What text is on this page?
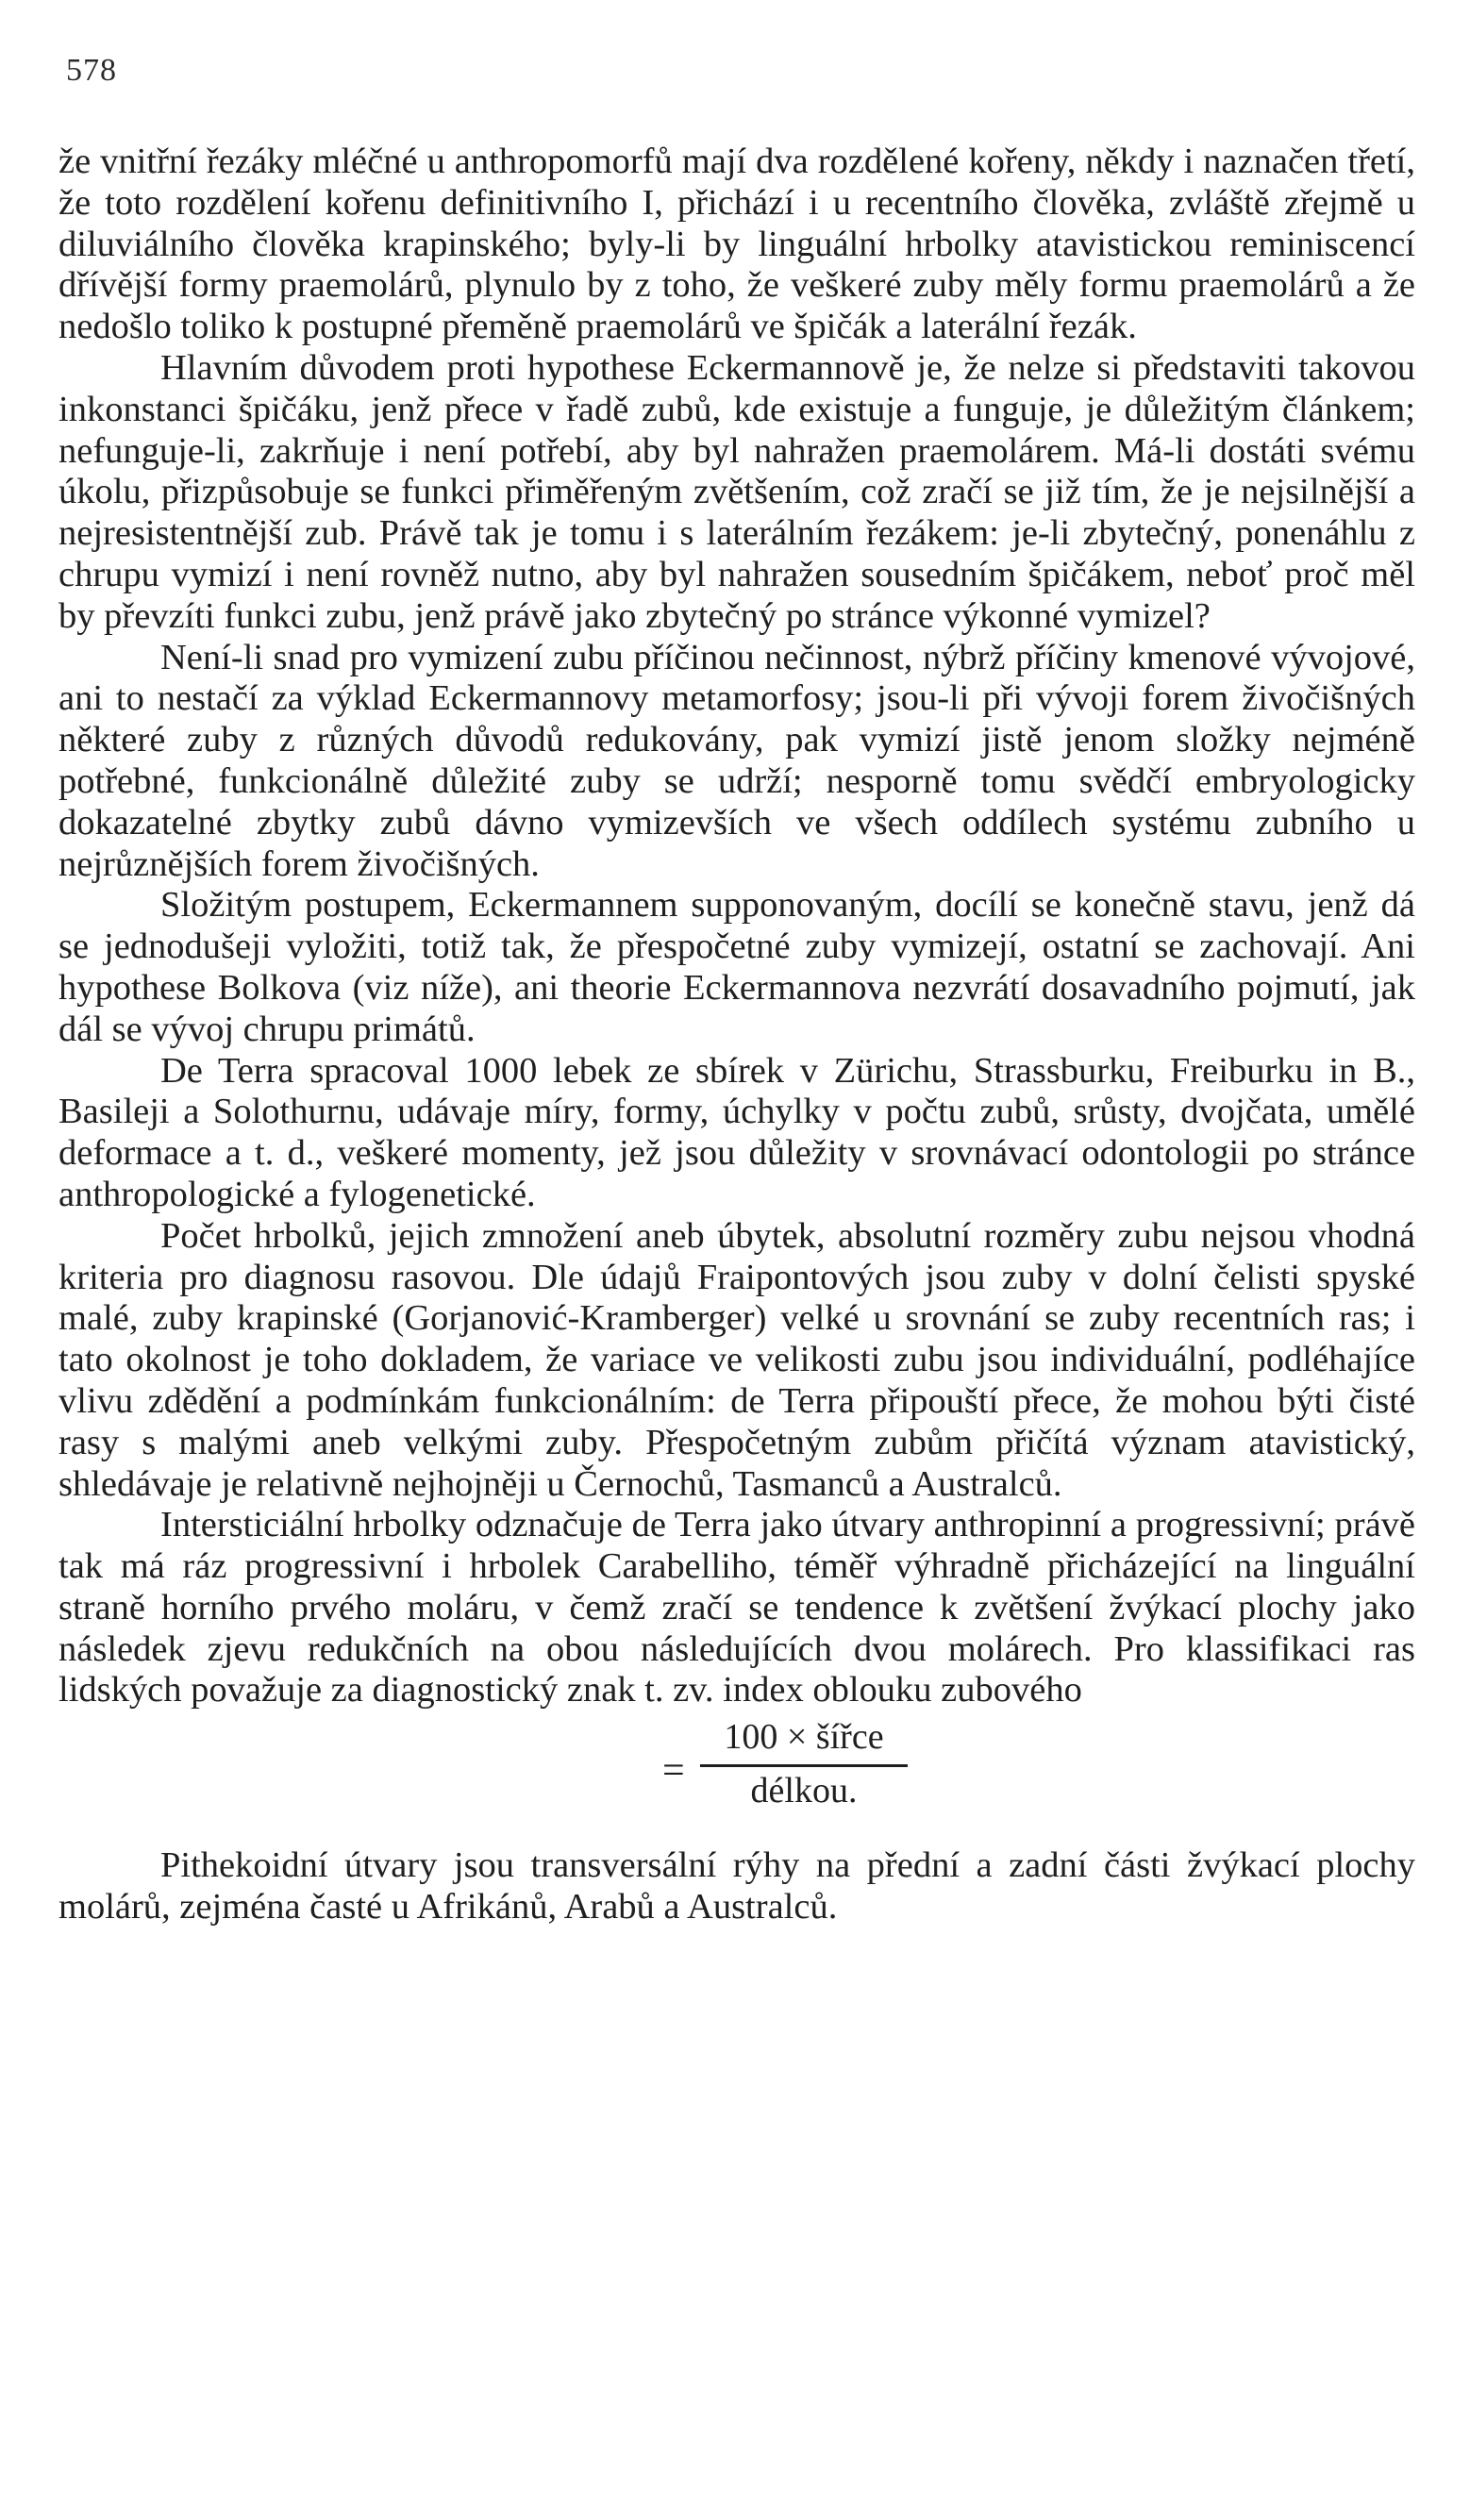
578

že vnitřní řezáky mléčné u anthropomorfů mají dva rozdělené kořeny, někdy i naznačen třetí, že toto rozdělení kořenu definitivního I, přichází i u recentního člověka, zvláště zřejmě u diluviálního člověka krapinského; byly-li by linguální hrbolky atavistickou reminiscencí dřívější formy praemolárů, plynulo by z toho, že veškeré zuby měly formu praemolárů a že nedošlo toliko k postupné přeměně praemolárů ve špičák a laterální řezák.

Hlavním důvodem proti hypothese Eckermannově je, že nelze si představiti takovou inkonstanci špičáku, jenž přece v řadě zubů, kde existuje a funguje, je důležitým článkem; nefunguje-li, zakrňuje i není potřebí, aby byl nahražen praemolárem. Má-li dostáti svému úkolu, přizpůsobuje se funkci přiměřeným zvětšením, což zračí se již tím, že je nejsilnější a nejresistentnější zub. Právě tak je tomu i s laterálním řezákem: je-li zbytečný, ponenáhlu z chrupu vymizí i není rovněž nutno, aby byl nahražen sousedním špičákem, neboť proč měl by převzíti funkci zubu, jenž právě jako zbytečný po stránce výkonné vymizel?

Není-li snad pro vymizení zubu příčinou nečinnost, nýbrž příčiny kmenové vývojové, ani to nestačí za výklad Eckermannovy metamorfosy; jsou-li při vývoji forem živočišných některé zuby z různých důvodů redukovány, pak vymizí jistě jenom složky nejméně potřebné, funkcionálně důležité zuby se udrží; nesporně tomu svědčí embryologicky dokazatelné zbytky zubů dávno vymizevších ve všech oddílech systému zubního u nejrůznějších forem živočišných.

Složitým postupem, Eckermannem supponovaným, docílí se konečně stavu, jenž dá se jednodušeji vyložiti, totiž tak, že přespočetné zuby vymizejí, ostatní se zachovají. Ani hypothese Bolkova (viz níže), ani theorie Eckermannova nezvrátí dosavadního pojmutí, jak dál se vývoj chrupu primátů.

De Terra spracoval 1000 lebek ze sbírek v Zürichu, Strassburku, Freiburku in B., Basileji a Solothurnu, udávaje míry, formy, úchylky v počtu zubů, srůsty, dvojčata, umělé deformace a t. d., veškeré momenty, jež jsou důležity v srovnávací odontologii po stránce anthropologické a fylogenetické.

Počet hrbolků, jejich zmnožení aneb úbytek, absolutní rozměry zubu nejsou vhodná kriteria pro diagnosu rasovou. Dle údajů Fraipontových jsou zuby v dolní čelisti spyské malé, zuby krapinské (Gorjanović-Kramberger) velké u srovnání se zuby recentních ras; i tato okolnost je toho dokladem, že variace ve velikosti zubu jsou individuální, podléhajíce vlivu zdědění a podmínkám funkcionálním: de Terra připouští přece, že mohou býti čisté rasy s malými aneb velkými zuby. Přespočetným zubům přičítá význam atavistický, shledávaje je relativně nejhojněji u Černochů, Tasmanců a Australců.

Intersticiální hrbolky odznačuje de Terra jako útvary anthropinní a progressivní; právě tak má ráz progressivní i hrbolek Carabelliho, téměř výhradně přicházející na linguální straně horního prvého moláru, v čemž zračí se tendence k zvětšení žvýkací plochy jako následek zjevu redukčních na obou následujících dvou molárech. Pro klassifikaci ras lidských považuje za diagnostický znak t. zv. index oblouku zubového

=
100 × šířce
délkou.

Pithekoidní útvary jsou transversální rýhy na přední a zadní části žvýkací plochy molárů, zejména časté u Afrikánů, Arabů a Australců.
